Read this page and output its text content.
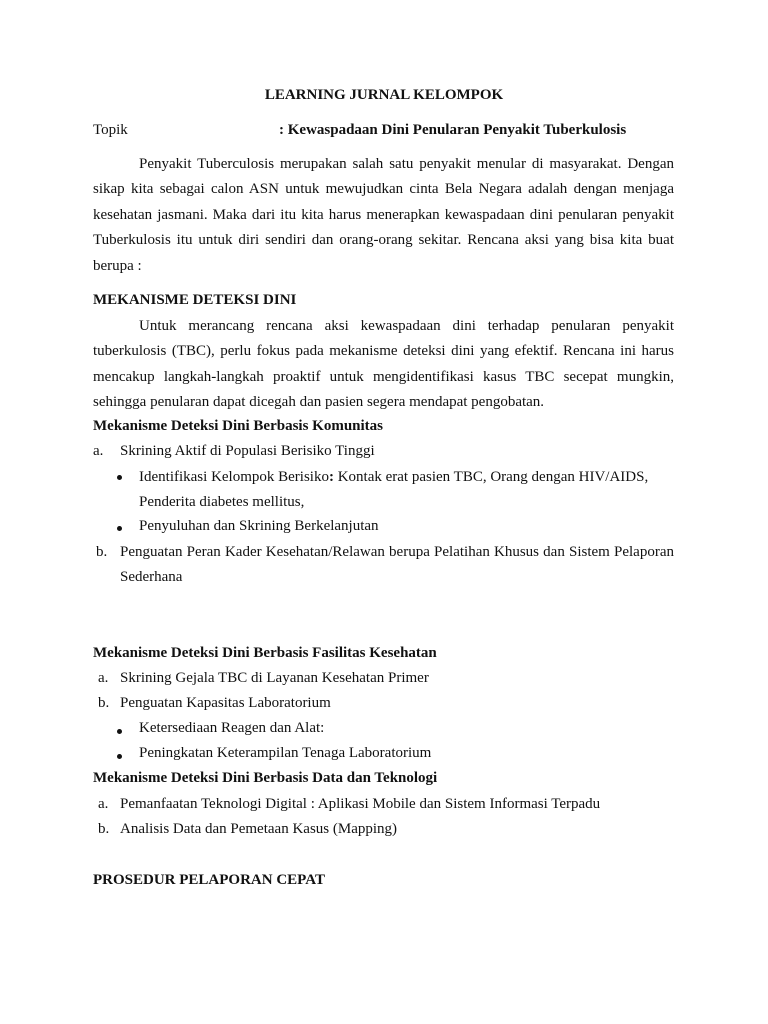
LEARNING JURNAL KELOMPOK
Topik	: Kewaspadaan Dini Penularan Penyakit Tuberkulosis
Penyakit Tuberculosis merupakan salah satu penyakit menular di masyarakat. Dengan sikap kita sebagai calon ASN untuk mewujudkan cinta Bela Negara adalah dengan menjaga kesehatan jasmani. Maka dari itu kita harus menerapkan kewaspadaan dini penularan penyakit Tuberkulosis itu untuk diri sendiri dan orang-orang sekitar. Rencana aksi yang bisa kita buat berupa :
MEKANISME DETEKSI DINI
Untuk merancang rencana aksi kewaspadaan dini terhadap penularan penyakit tuberkulosis (TBC), perlu fokus pada mekanisme deteksi dini yang efektif. Rencana ini harus mencakup langkah-langkah proaktif untuk mengidentifikasi kasus TBC secepat mungkin, sehingga penularan dapat dicegah dan pasien segera mendapat pengobatan.
Mekanisme Deteksi Dini Berbasis Komunitas
a. Skrining Aktif di Populasi Berisiko Tinggi
Identifikasi Kelompok Berisiko: Kontak erat pasien TBC, Orang dengan HIV/AIDS, Penderita diabetes mellitus,
Penyuluhan dan Skrining Berkelanjutan
b. Penguatan Peran Kader Kesehatan/Relawan berupa Pelatihan Khusus dan Sistem Pelaporan Sederhana
Mekanisme Deteksi Dini Berbasis Fasilitas Kesehatan
a. Skrining Gejala TBC di Layanan Kesehatan Primer
b. Penguatan Kapasitas Laboratorium
Ketersediaan Reagen dan Alat:
Peningkatan Keterampilan Tenaga Laboratorium
Mekanisme Deteksi Dini Berbasis Data dan Teknologi
a. Pemanfaatan Teknologi Digital : Aplikasi Mobile dan Sistem Informasi Terpadu
b. Analisis Data dan Pemetaan Kasus (Mapping)
PROSEDUR PELAPORAN CEPAT
